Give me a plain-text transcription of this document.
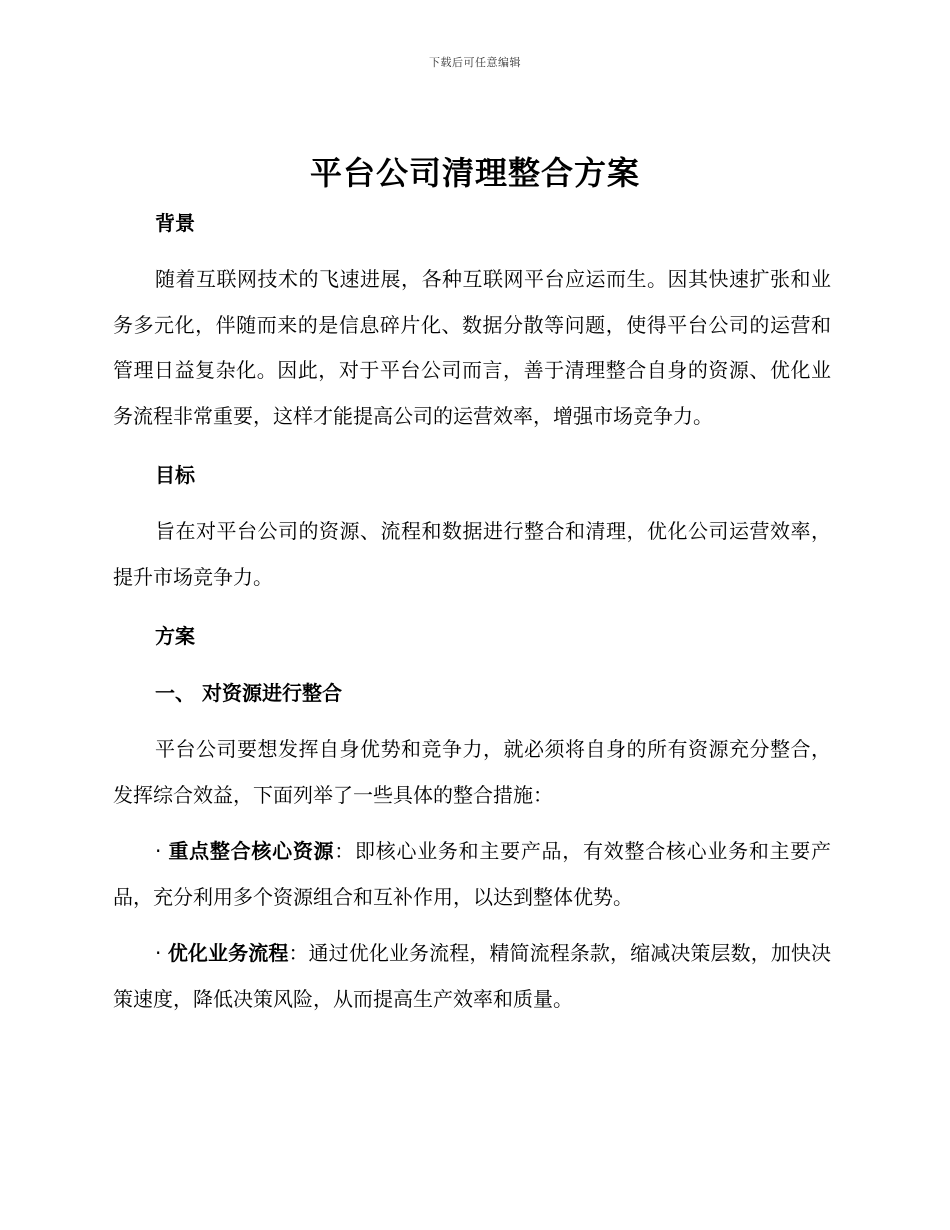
下载后可任意编辑
平台公司清理整合方案
背景

随着互联网技术的飞速进展，各种互联网平台应运而生。因其快速扩张和业务多元化，伴随而来的是信息碎片化、数据分散等问题，使得平台公司的运营和管理日益复杂化。因此，对于平台公司而言，善于清理整合自身的资源、优化业务流程非常重要，这样才能提高公司的运营效率，增强市场竞争力。

目标

旨在对平台公司的资源、流程和数据进行整合和清理，优化公司运营效率，提升市场竞争力。

方案
一、 对资源进行整合

平台公司要想发挥自身优势和竞争力，就必须将自身的所有资源充分整合，发挥综合效益，下面列举了一些具体的整合措施：

· 重点整合核心资源：即核心业务和主要产品，有效整合核心业务和主要产品，充分利用多个资源组合和互补作用，以达到整体优势。

· 优化业务流程：通过优化业务流程，精简流程条款，缩减决策层数，加快决策速度，降低决策风险，从而提高生产效率和质量。
